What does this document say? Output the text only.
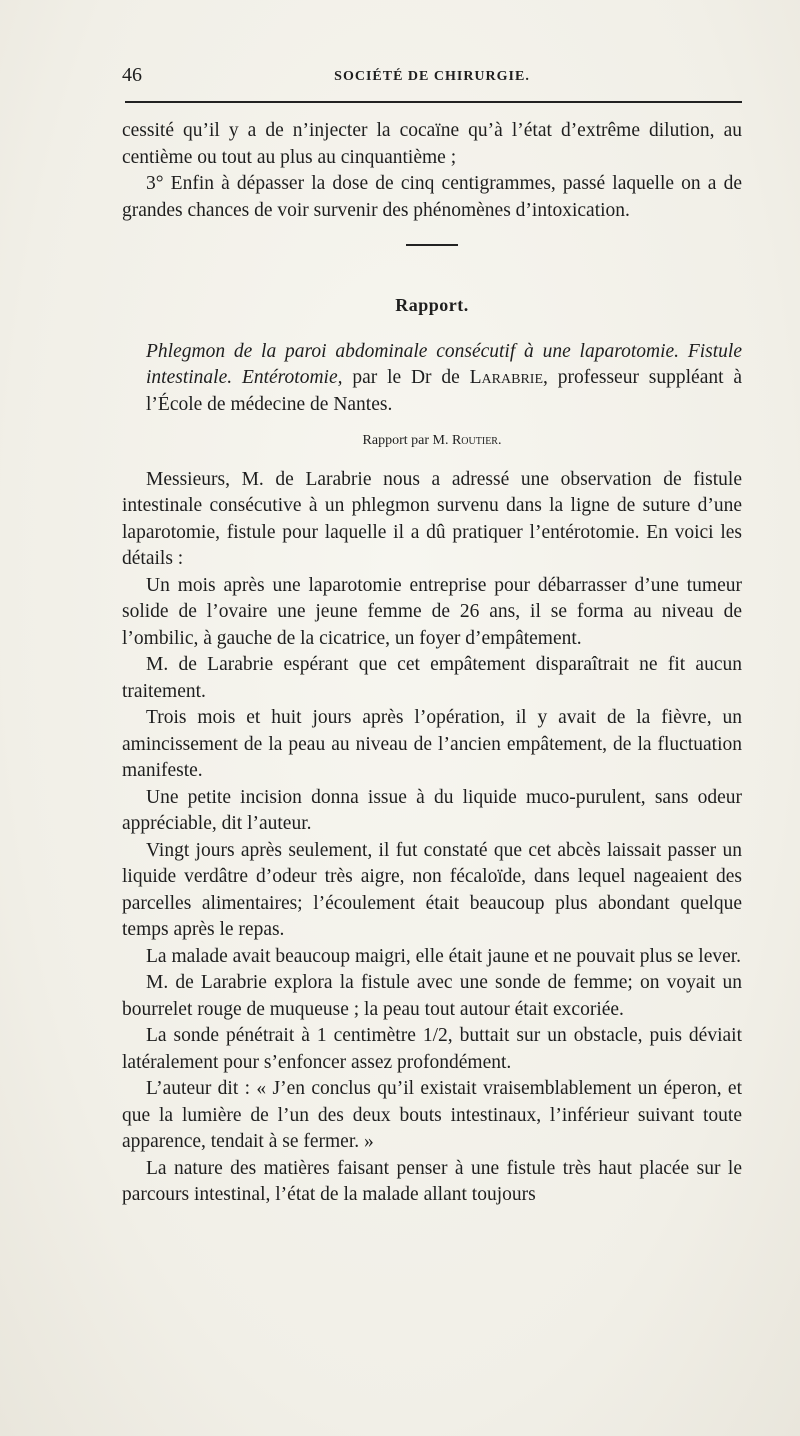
46	SOCIÉTÉ DE CHIRURGIE.

cessité qu’il y a de n’injecter la cocaïne qu’à l’état d’extrême dilution, au centième ou tout au plus au cinquantième ;

3° Enfin à dépasser la dose de cinq centigrammes, passé laquelle on a de grandes chances de voir survenir des phénomènes d’intoxication.

Rapport.

Phlegmon de la paroi abdominale consécutif à une laparotomie. Fistule intestinale. Entérotomie, par le Dr de Larabrie, professeur suppléant à l’École de médecine de Nantes.

Rapport par M. Routier.

Messieurs, M. de Larabrie nous a adressé une observation de fistule intestinale consécutive à un phlegmon survenu dans la ligne de suture d’une laparotomie, fistule pour laquelle il a dû pratiquer l’entérotomie. En voici les détails :

Un mois après une laparotomie entreprise pour débarrasser d’une tumeur solide de l’ovaire une jeune femme de 26 ans, il se forma au niveau de l’ombilic, à gauche de la cicatrice, un foyer d’empâtement.

M. de Larabrie espérant que cet empâtement disparaîtrait ne fit aucun traitement.

Trois mois et huit jours après l’opération, il y avait de la fièvre, un amincissement de la peau au niveau de l’ancien empâtement, de la fluctuation manifeste.

Une petite incision donna issue à du liquide muco-purulent, sans odeur appréciable, dit l’auteur.

Vingt jours après seulement, il fut constaté que cet abcès laissait passer un liquide verdâtre d’odeur très aigre, non fécaloïde, dans lequel nageaient des parcelles alimentaires; l’écoulement était beaucoup plus abondant quelque temps après le repas.

La malade avait beaucoup maigri, elle était jaune et ne pouvait plus se lever.

M. de Larabrie explora la fistule avec une sonde de femme; on voyait un bourrelet rouge de muqueuse ; la peau tout autour était excoriée.

La sonde pénétrait à 1 centimètre 1/2, buttait sur un obstacle, puis déviait latéralement pour s’enfoncer assez profondément.

L’auteur dit : « J’en conclus qu’il existait vraisemblablement un éperon, et que la lumière de l’un des deux bouts intestinaux, l’inférieur suivant toute apparence, tendait à se fermer. »

La nature des matières faisant penser à une fistule très haut placée sur le parcours intestinal, l’état de la malade allant toujours
